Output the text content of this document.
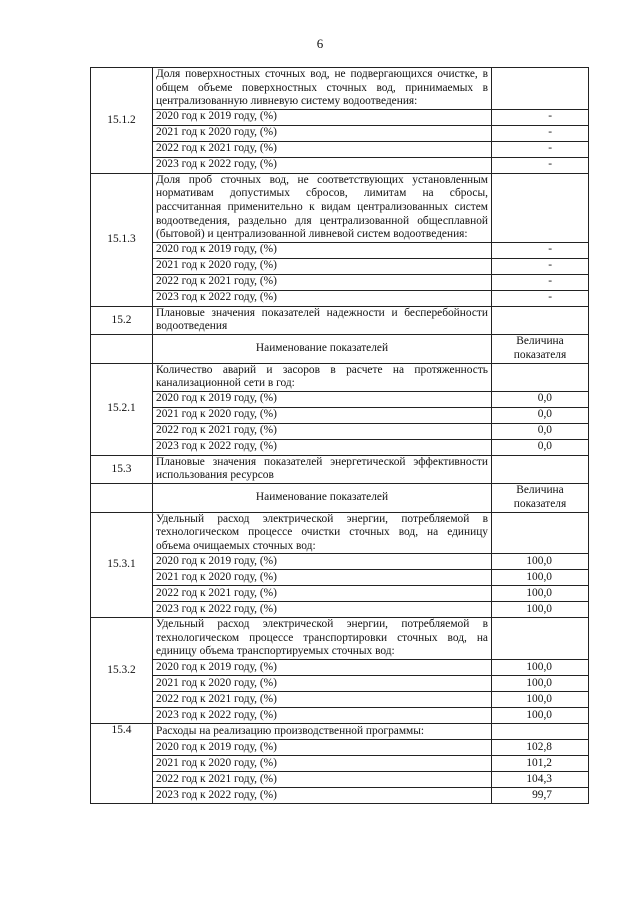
6
15.1.2	Доля поверхностных сточных вод, не подвергающихся очистке, в общем объеме поверхностных сточных вод, принимаемых в централизованную ливневую систему водоотведения:	
	2020 год к 2019 году, (%)	-
	2021 год к 2020 году, (%)	-
	2022 год к 2021 году, (%)	-
	2023 год к 2022 году, (%)	-
15.1.3	Доля проб сточных вод, не соответствующих установленным нормативам допустимых сбросов, лимитам на сбросы, рассчитанная применительно к видам централизованных систем водоотведения, раздельно для централизованной общесплавной (бытовой) и централизованной ливневой систем водоотведения:	
	2020 год к 2019 году, (%)	-
	2021 год к 2020 году, (%)	-
	2022 год к 2021 году, (%)	-
	2023 год к 2022 году, (%)	-
15.2	Плановые значения показателей надежности и бесперебойности водоотведения	
	Наименование показателей	Величина показателя
15.2.1	Количество аварий и засоров в расчете на протяженность канализационной сети в год:	
	2020 год к 2019 году, (%)	0,0
	2021 год к 2020 году, (%)	0,0
	2022 год к 2021 году, (%)	0,0
	2023 год к 2022 году, (%)	0,0
15.3	Плановые значения показателей энергетической эффективности использования ресурсов	
	Наименование показателей	Величина показателя
15.3.1	Удельный расход электрической энергии, потребляемой в технологическом процессе очистки сточных вод, на единицу объема очищаемых сточных вод:	
	2020 год к 2019 году, (%)	100,0
	2021 год к 2020 году, (%)	100,0
	2022 год к 2021 году, (%)	100,0
	2023 год к 2022 году, (%)	100,0
15.3.2	Удельный расход электрической энергии, потребляемой в технологическом процессе транспортировки сточных вод, на единицу объема транспортируемых сточных вод:	
	2020 год к 2019 году, (%)	100,0
	2021 год к 2020 году, (%)	100,0
	2022 год к 2021 году, (%)	100,0
	2023 год к 2022 году, (%)	100,0
15.4	Расходы на реализацию производственной программы:	
	2020 год к 2019 году, (%)	102,8
	2021 год к 2020 году, (%)	101,2
	2022 год к 2021 году, (%)	104,3
	2023 год к 2022 году, (%)	99,7
